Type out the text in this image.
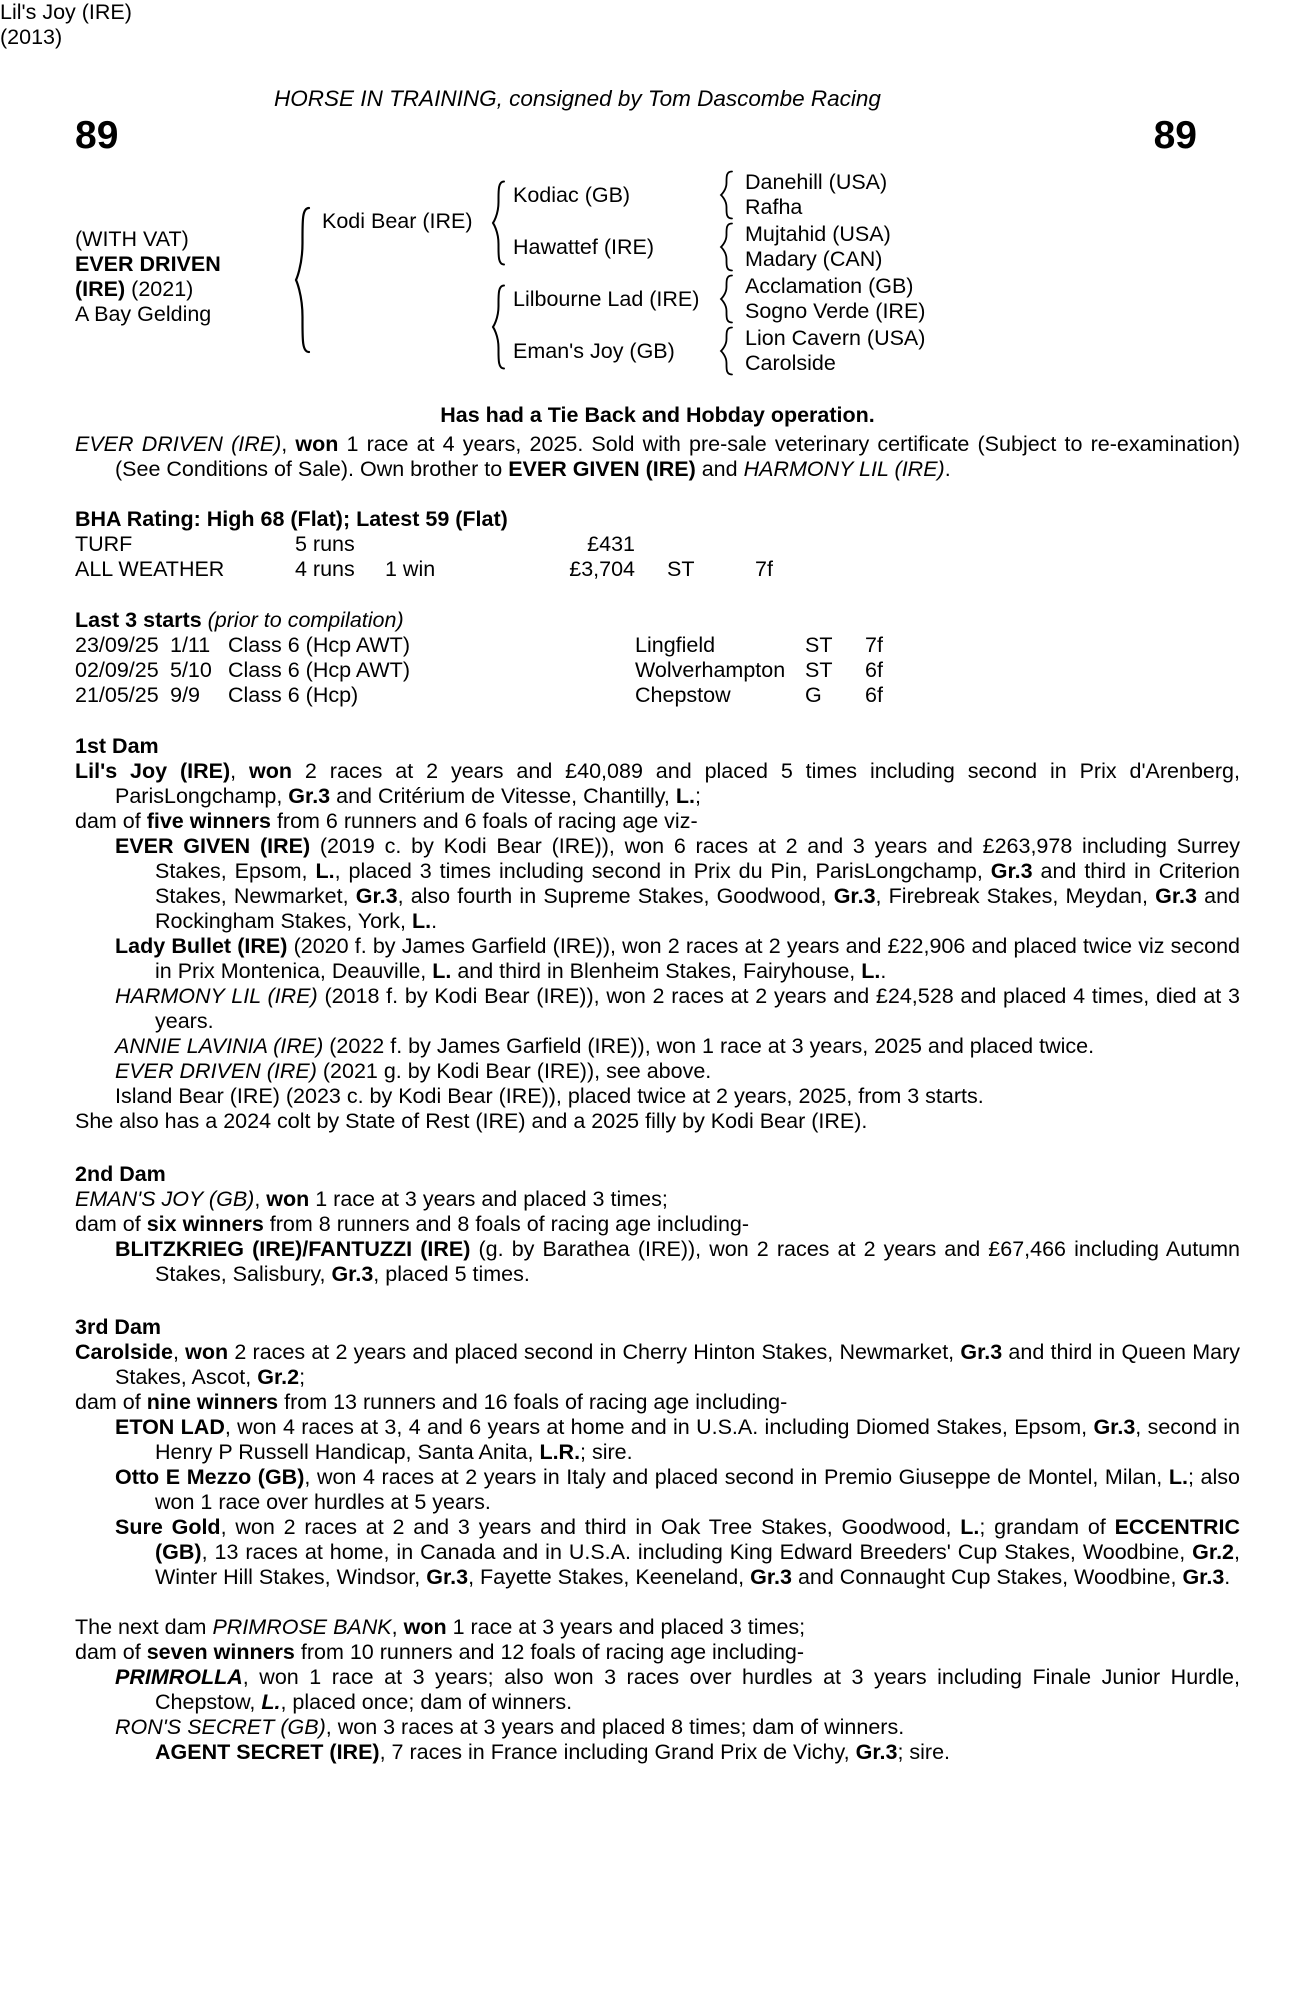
HORSE IN TRAINING, consigned by Tom Dascombe Racing
89	89
(WITH VAT)
EVER DRIVEN
(IRE) (2021)
A Bay Gelding
Kodi Bear (IRE)
Lil's Joy (IRE)
(2013)
Kodiac (GB)
Hawattef (IRE)
Lilbourne Lad (IRE)
Eman's Joy (GB)
Danehill (USA)
Rafha
Mujtahid (USA)
Madary (CAN)
Acclamation (GB)
Sogno Verde (IRE)
Lion Cavern (USA)
Carolside
Has had a Tie Back and Hobday operation.
EVER DRIVEN (IRE), won 1 race at 4 years, 2025. Sold with pre-sale veterinary certificate (Subject to re-examination) (See Conditions of Sale). Own brother to EVER GIVEN (IRE) and HARMONY LIL (IRE).
BHA Rating: High 68 (Flat); Latest 59 (Flat)
TURF	5 runs	£431
ALL WEATHER	4 runs	1 win	£3,704	ST	7f
Last 3 starts (prior to compilation)
23/09/25 1/11 Class 6 (Hcp AWT)	Lingfield	ST	7f
02/09/25 5/10 Class 6 (Hcp AWT)	Wolverhampton ST	6f
21/05/25 9/9	Class 6 (Hcp)	Chepstow	G	6f
1st Dam
Lil's Joy (IRE), won 2 races at 2 years and £40,089 and placed 5 times including second in Prix d'Arenberg, ParisLongchamp, Gr.3 and Critérium de Vitesse, Chantilly, L.;
dam of five winners from 6 runners and 6 foals of racing age viz-
EVER GIVEN (IRE) (2019 c. by Kodi Bear (IRE)), won 6 races at 2 and 3 years and £263,978 including Surrey Stakes, Epsom, L., placed 3 times including second in Prix du Pin, ParisLongchamp, Gr.3 and third in Criterion Stakes, Newmarket, Gr.3, also fourth in Supreme Stakes, Goodwood, Gr.3, Firebreak Stakes, Meydan, Gr.3 and Rockingham Stakes, York, L..
Lady Bullet (IRE) (2020 f. by James Garfield (IRE)), won 2 races at 2 years and £22,906 and placed twice viz second in Prix Montenica, Deauville, L. and third in Blenheim Stakes, Fairyhouse, L..
HARMONY LIL (IRE) (2018 f. by Kodi Bear (IRE)), won 2 races at 2 years and £24,528 and placed 4 times, died at 3 years.
ANNIE LAVINIA (IRE) (2022 f. by James Garfield (IRE)), won 1 race at 3 years, 2025 and placed twice.
EVER DRIVEN (IRE) (2021 g. by Kodi Bear (IRE)), see above.
Island Bear (IRE) (2023 c. by Kodi Bear (IRE)), placed twice at 2 years, 2025, from 3 starts.
She also has a 2024 colt by State of Rest (IRE) and a 2025 filly by Kodi Bear (IRE).
2nd Dam
EMAN'S JOY (GB), won 1 race at 3 years and placed 3 times;
dam of six winners from 8 runners and 8 foals of racing age including-
BLITZKRIEG (IRE)/FANTUZZI (IRE) (g. by Barathea (IRE)), won 2 races at 2 years and £67,466 including Autumn Stakes, Salisbury, Gr.3, placed 5 times.
3rd Dam
Carolside, won 2 races at 2 years and placed second in Cherry Hinton Stakes, Newmarket, Gr.3 and third in Queen Mary Stakes, Ascot, Gr.2;
dam of nine winners from 13 runners and 16 foals of racing age including-
ETON LAD, won 4 races at 3, 4 and 6 years at home and in U.S.A. including Diomed Stakes, Epsom, Gr.3, second in Henry P Russell Handicap, Santa Anita, L.R.; sire.
Otto E Mezzo (GB), won 4 races at 2 years in Italy and placed second in Premio Giuseppe de Montel, Milan, L.; also won 1 race over hurdles at 5 years.
Sure Gold, won 2 races at 2 and 3 years and third in Oak Tree Stakes, Goodwood, L.; grandam of ECCENTRIC (GB), 13 races at home, in Canada and in U.S.A. including King Edward Breeders' Cup Stakes, Woodbine, Gr.2, Winter Hill Stakes, Windsor, Gr.3, Fayette Stakes, Keeneland, Gr.3 and Connaught Cup Stakes, Woodbine, Gr.3.
The next dam PRIMROSE BANK, won 1 race at 3 years and placed 3 times;
dam of seven winners from 10 runners and 12 foals of racing age including-
PRIMROLLA, won 1 race at 3 years; also won 3 races over hurdles at 3 years including Finale Junior Hurdle, Chepstow, L., placed once; dam of winners.
RON'S SECRET (GB), won 3 races at 3 years and placed 8 times; dam of winners.
AGENT SECRET (IRE), 7 races in France including Grand Prix de Vichy, Gr.3; sire.
